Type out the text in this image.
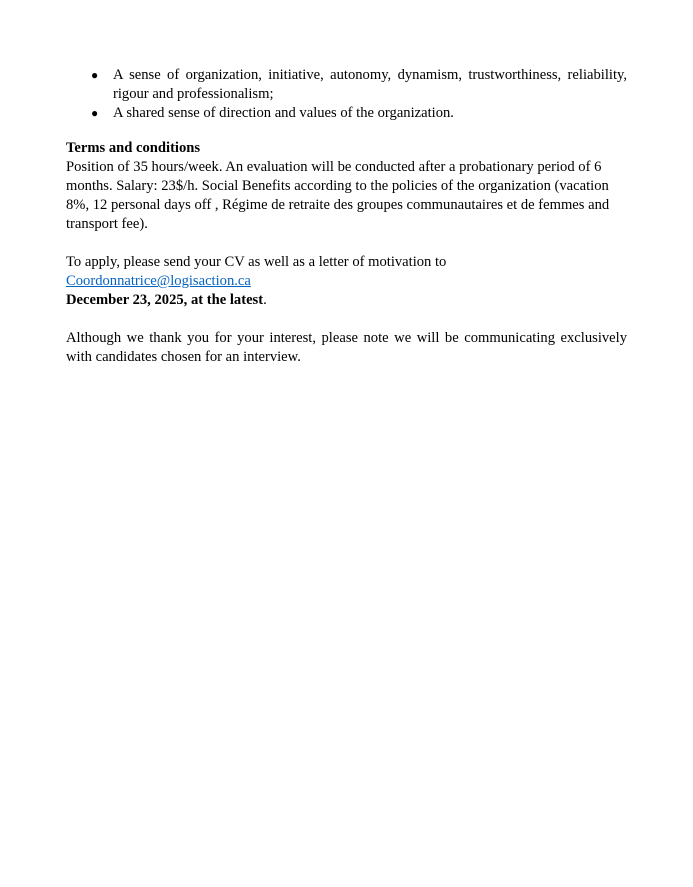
● A sense of organization, initiative, autonomy, dynamism, trustworthiness, reliability, rigour and professionalism;
● A shared sense of direction and values of the organization.
Terms and conditions

Position of 35 hours/week. An evaluation will be conducted after a probationary period of 6 months. Salary: 23$/h. Social Benefits according to the policies of the organization (vacation 8%, 12 personal days off , Régime de retraite des groupes communautaires et de femmes and transport fee).

To apply, please send your CV as well as a letter of motivation to Coordonnatrice@logisaction.ca
December 23, 2025, at the latest.

Although we thank you for your interest, please note we will be communicating exclusively with candidates chosen for an interview.
